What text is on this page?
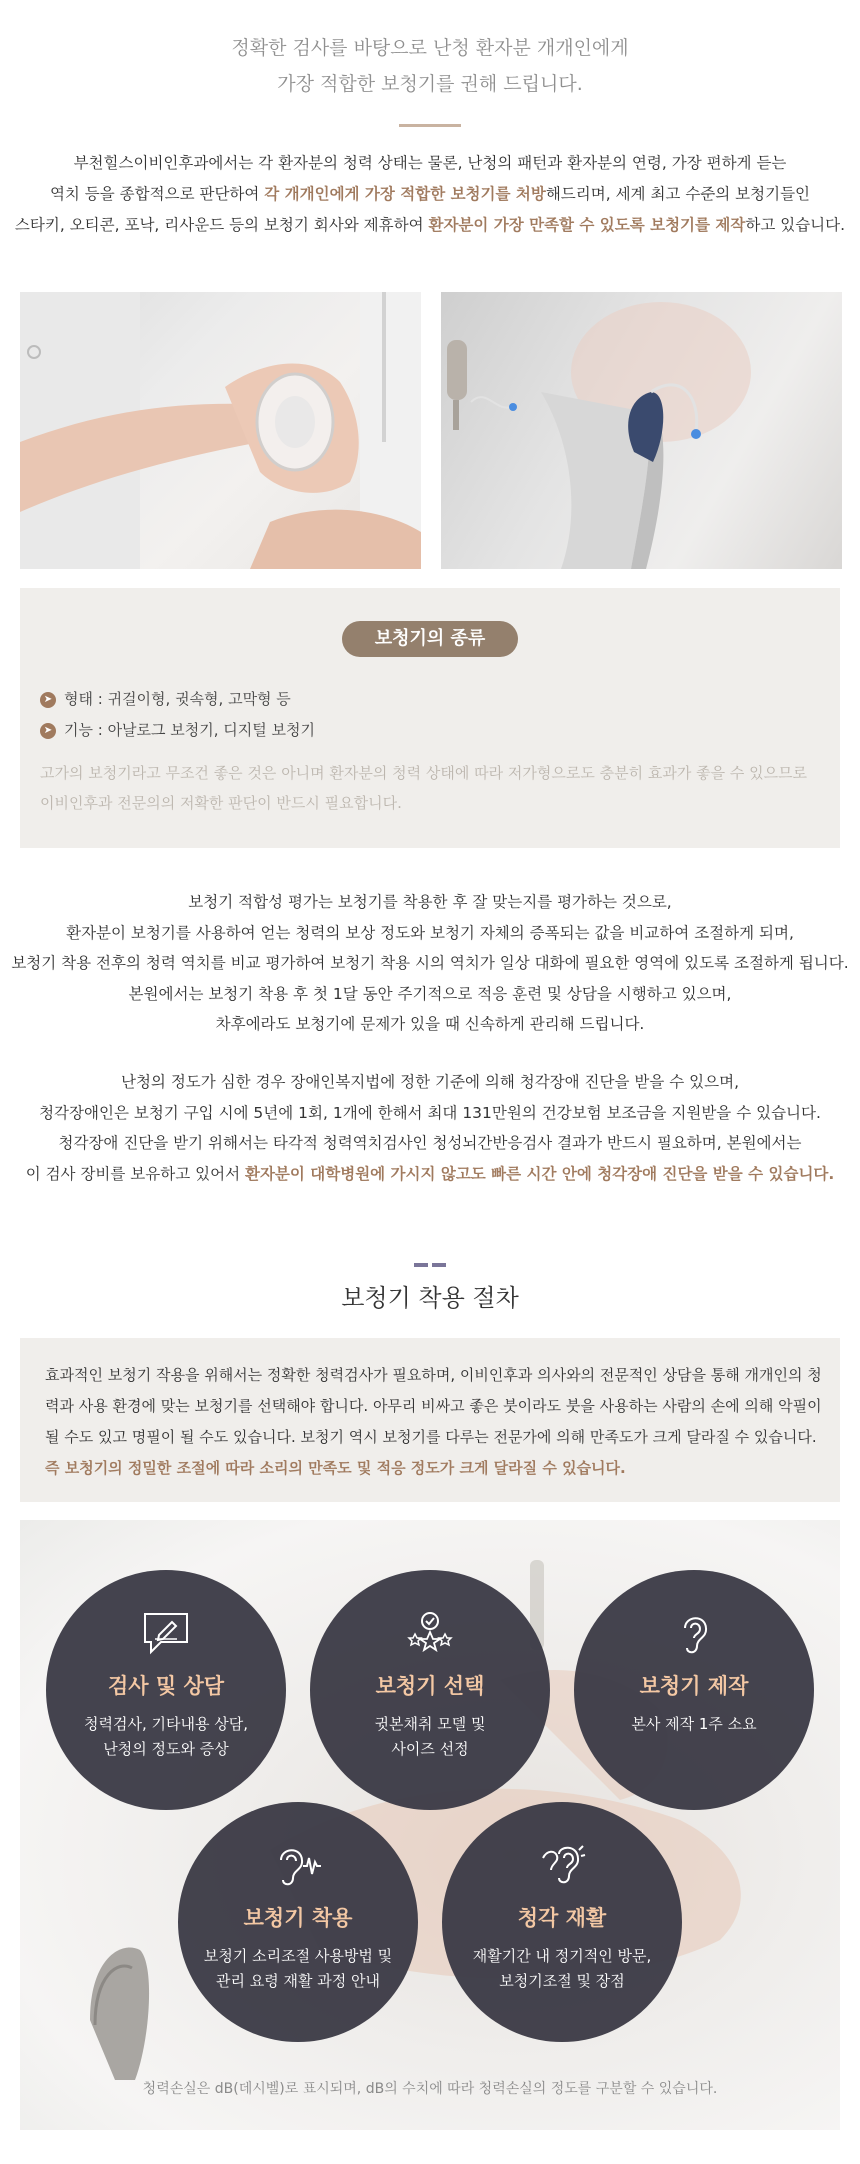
정확한 검사를 바탕으로 난청 환자분 개개인에게
가장 적합한 보청기를 권해 드립니다.
부천힐스이비인후과에서는 각 환자분의 청력 상태는 물론, 난청의 패턴과 환자분의 연령, 가장 편하게 듣는
역치 등을 종합적으로 판단하여 각 개개인에게 가장 적합한 보청기를 처방해드리며, 세계 최고 수준의 보청기들인
스타키, 오티콘, 포낙, 리사운드 등의 보청기 회사와 제휴하여 환자분이 가장 만족할 수 있도록 보청기를 제작하고 있습니다.
보청기의 종류
➤ 형태 : 귀걸이형, 귓속형, 고막형 등
➤ 기능 : 아날로그 보청기, 디지털 보청기
고가의 보청기라고 무조건 좋은 것은 아니며 환자분의 청력 상태에 따라 저가형으로도 충분히 효과가 좋을 수 있으므로
이비인후과 전문의의 저확한 판단이 반드시 필요합니다.
보청기 적합성 평가는 보청기를 착용한 후 잘 맞는지를 평가하는 것으로,
환자분이 보청기를 사용하여 얻는 청력의 보상 정도와 보청기 자체의 증폭되는 값을 비교하여 조절하게 되며,
보청기 착용 전후의 청력 역치를 비교 평가하여 보청기 착용 시의 역치가 일상 대화에 필요한 영역에 있도록 조절하게 됩니다.
본원에서는 보청기 착용 후 첫 1달 동안 주기적으로 적응 훈련 및 상담을 시행하고 있으며,
차후에라도 보청기에 문제가 있을 때 신속하게 관리해 드립니다.
난청의 정도가 심한 경우 장애인복지법에 정한 기준에 의해 청각장애 진단을 받을 수 있으며,
청각장애인은 보청기 구입 시에 5년에 1회, 1개에 한해서 최대 131만원의 건강보험 보조금을 지원받을 수 있습니다.
청각장애 진단을 받기 위해서는 타각적 청력역치검사인 청성뇌간반응검사 결과가 반드시 필요하며, 본원에서는
이 검사 장비를 보유하고 있어서 환자분이 대학병원에 가시지 않고도 빠른 시간 안에 청각장애 진단을 받을 수 있습니다.
보청기 착용 절차
효과적인 보청기 작용을 위해서는 정확한 청력검사가 필요하며, 이비인후과 의사와의 전문적인 상담을 통해 개개인의 청력과 사용 환경에 맞는 보청기를 선택해야 합니다. 아무리 비싸고 좋은 붓이라도 붓을 사용하는 사람의 손에 의해 악필이 될 수도 있고 명필이 될 수도 있습니다. 보청기 역시 보청기를 다루는 전문가에 의해 만족도가 크게 달라질 수 있습니다. 즉 보청기의 정밀한 조절에 따라 소리의 만족도 및 적응 정도가 크게 달라질 수 있습니다.
검사 및 상담
청력검사, 기타내용 상담,
난청의 정도와 증상
보청기 선택
귓본채취 모델 및
사이즈 선정
보청기 제작
본사 제작 1주 소요
보청기 착용
보청기 소리조절 사용방법 및
관리 요령 재활 과정 안내
청각 재활
재활기간 내 정기적인 방문,
보청기조절 및 장점
청력손실은 dB(데시벨)로 표시되며, dB의 수치에 따라 청력손실의 정도를 구분할 수 있습니다.
